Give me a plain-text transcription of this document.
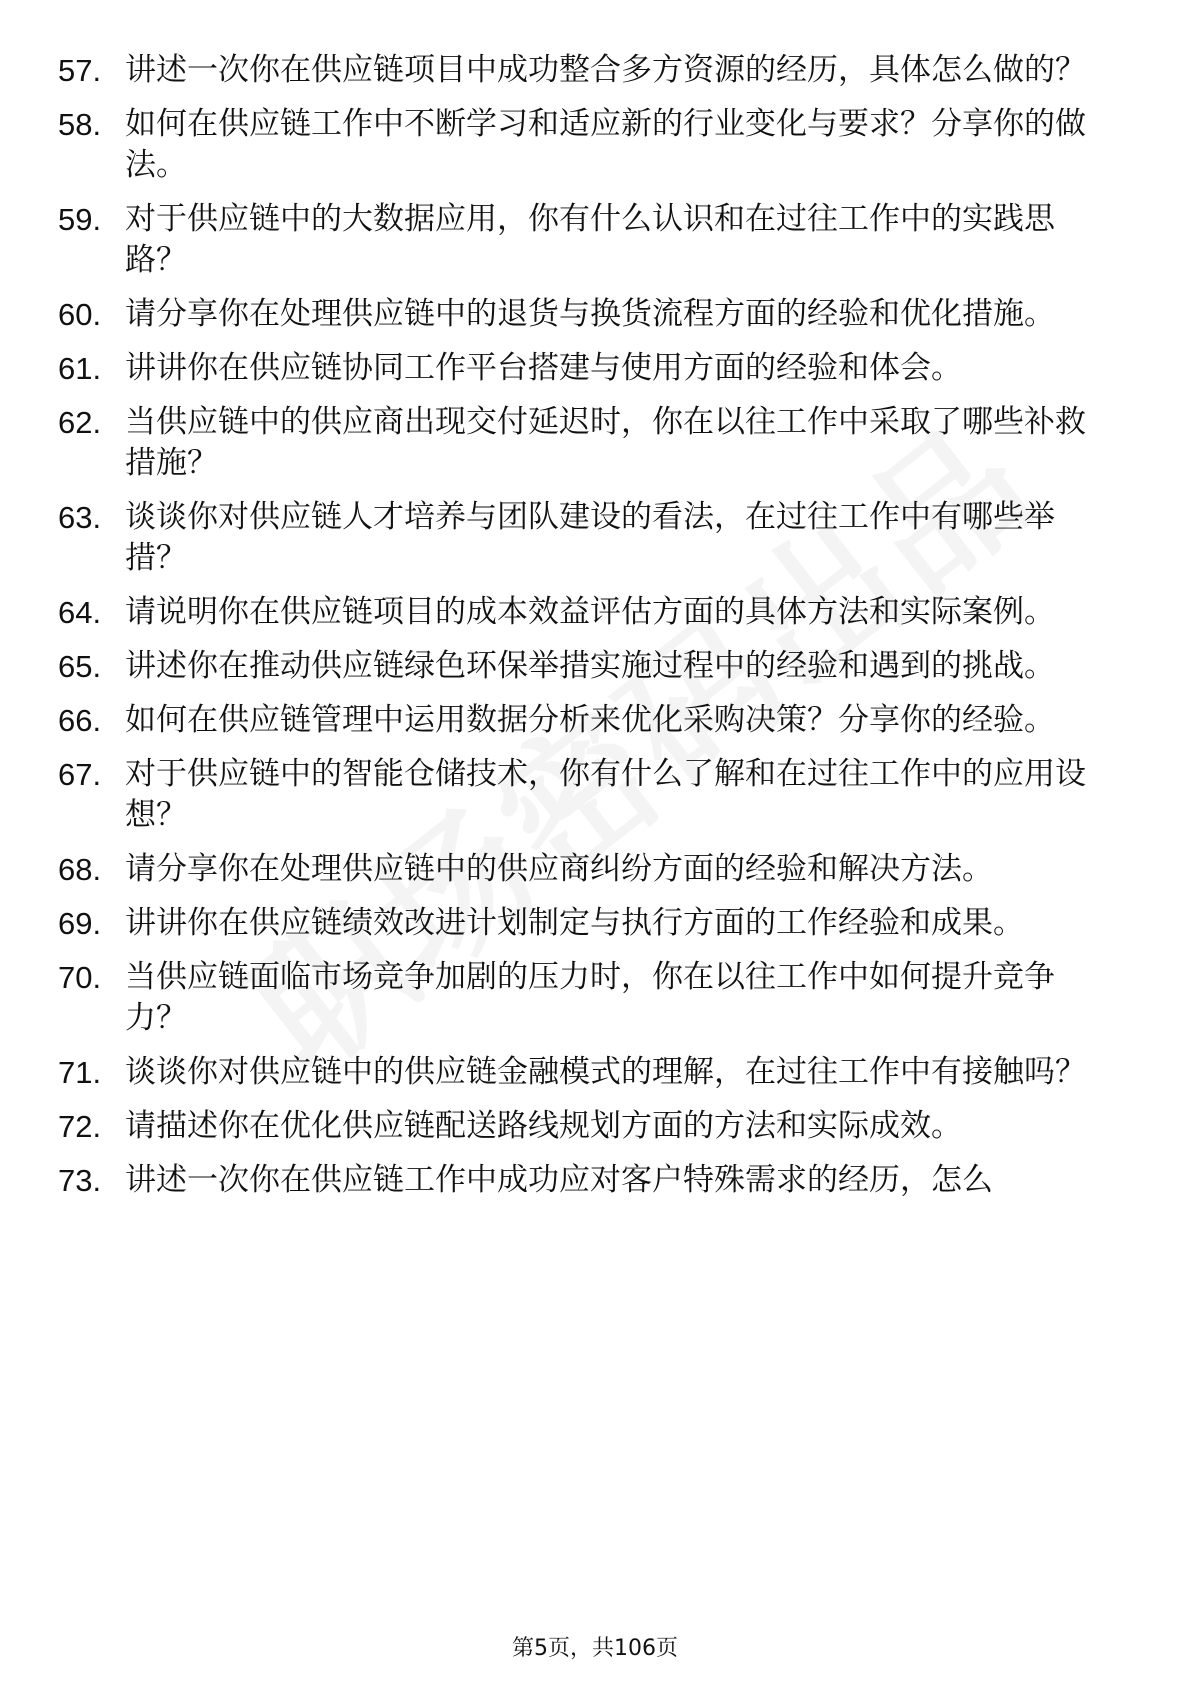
57. 讲述一次你在供应链项目中成功整合多方资源的经历，具体怎么做的？
58. 如何在供应链工作中不断学习和适应新的行业变化与要求？分享你的做法。
59. 对于供应链中的大数据应用，你有什么认识和在过往工作中的实践思路？
60. 请分享你在处理供应链中的退货与换货流程方面的经验和优化措施。
61. 讲讲你在供应链协同工作平台搭建与使用方面的经验和体会。
62. 当供应链中的供应商出现交付延迟时，你在以往工作中采取了哪些补救措施？
63. 谈谈你对供应链人才培养与团队建设的看法，在过往工作中有哪些举措？
64. 请说明你在供应链项目的成本效益评估方面的具体方法和实际案例。
65. 讲述你在推动供应链绿色环保举措实施过程中的经验和遇到的挑战。
66. 如何在供应链管理中运用数据分析来优化采购决策？分享你的经验。
67. 对于供应链中的智能仓储技术，你有什么了解和在过往工作中的应用设想？
68. 请分享你在处理供应链中的供应商纠纷方面的经验和解决方法。
69. 讲讲你在供应链绩效改进计划制定与执行方面的工作经验和成果。
70. 当供应链面临市场竞争加剧的压力时，你在以往工作中如何提升竞争力？
71. 谈谈你对供应链中的供应链金融模式的理解，在过往工作中有接触吗？
72. 请描述你在优化供应链配送路线规划方面的方法和实际成效。
73. 讲述一次你在供应链工作中成功应对客户特殊需求的经历，怎么
第5页，共106页
